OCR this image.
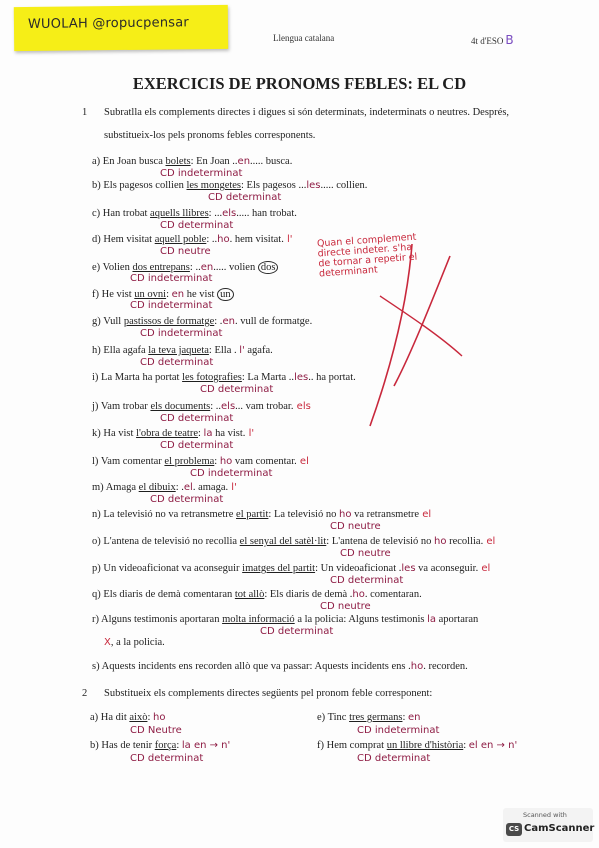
WUOLAH @ropucpensar
Llengua catalana	4t d'ESO B
EXERCICIS DE PRONOMS FEBLES: EL CD
1 Subratlla els complements directes i digues si són determinats, indeterminats o neutres. Després,
substitueix-los pels pronoms febles corresponents.
a) En Joan busca bolets: En Joan ..en..... busca.
CD indeterminat
b) Els pagesos collien les mongetes: Els pagesos ...les..... collien.
CD determinat
c) Han trobat aquells llibres: ...els..... han trobat.
CD determinat
d) Hem visitat aquell poble: ..ho. hem visitat. l'
CD neutre
e) Volien dos entrepans: ..en..... volien dos
CD indeterminat
f) He vist un ovni: en he vist un
CD indeterminat
g) Vull pastissos de formatge: .en. vull de formatge.
CD indeterminat
h) Ella agafa la teva jaqueta: Ella . l' agafa.
CD determinat
i) La Marta ha portat les fotografies: La Marta ..les.. ha portat.
CD determinat
j) Vam trobar els documents: ..els... vam trobar. els
CD determinat
k) Ha vist l'obra de teatre: la ha vist. l'
CD determinat
l) Vam comentar el problema: ho vam comentar. el
CD indeterminat
m) Amaga el dibuix: .el. amaga. l'
CD determinat
n) La televisió no va retransmetre el partit: La televisió no ho va retransmetre el
CD neutre
o) L'antena de televisió no recollia el senyal del satèl·lit: L'antena de televisió no ho recollia. el
CD neutre
p) Un videoaficionat va aconseguir imatges del partit: Un videoaficionat .les va aconseguir. el
CD determinat
q) Els diaris de demà comentaran tot allò: Els diaris de demà .ho. comentaran.
CD neutre
r) Alguns testimonis aportaran molta informació a la policia: Alguns testimonis la aportaran
X, a la policia.
CD determinat
s) Aquests incidents ens recorden allò que va passar: Aquests incidents ens .ho. recorden.
Quan el complement directe indeter. s'ha de tornar a repetir el determinant
2 Substitueix els complements directes següents pel pronom feble corresponent:
a) Ha dit això: ho
CD Neutre
b) Has de tenir força: la en → n'
CD determinat
e) Tinc tres germans: en
CD indeterminat
f) Hem comprat un llibre d'història: el en → n'
CD determinat
Scanned with
CS CamScanner
